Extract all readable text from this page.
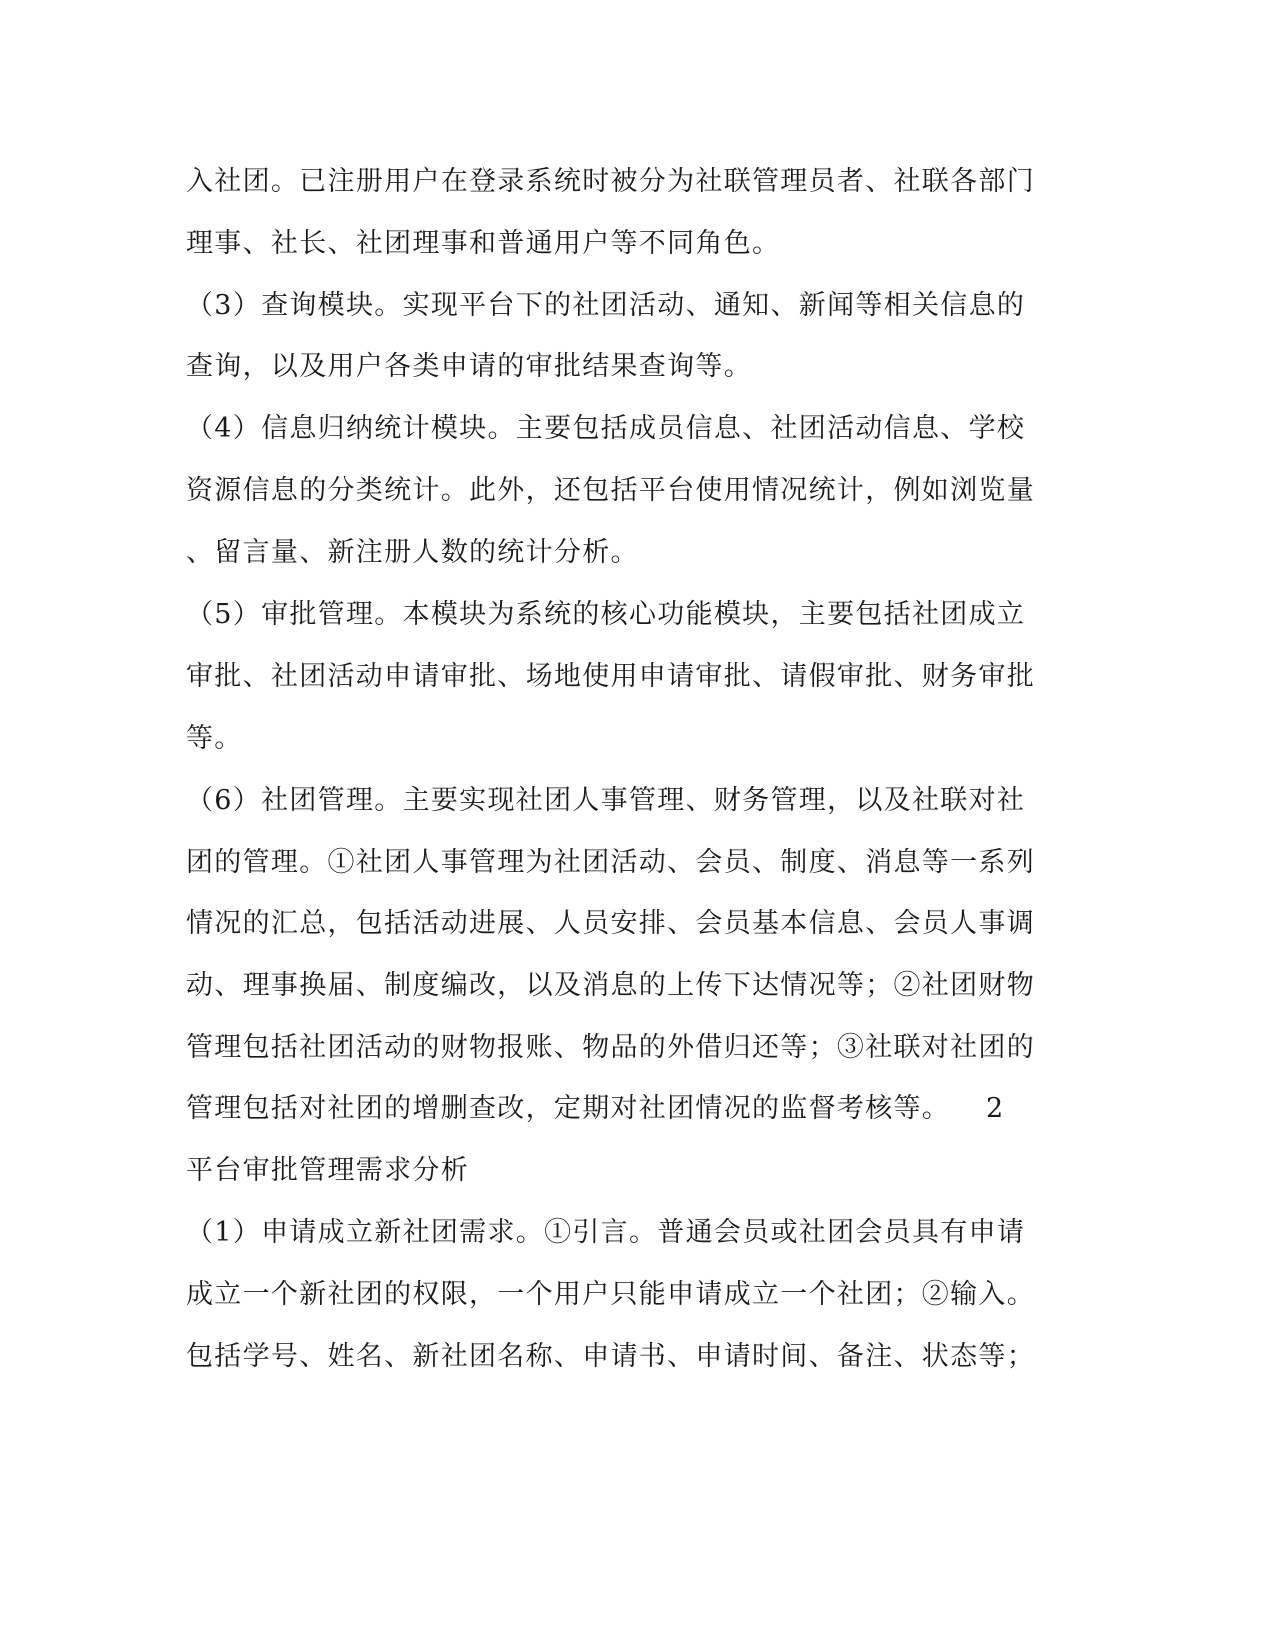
入社团。已注册用户在登录系统时被分为社联管理员者、社联各部门

理事、社长、社团理事和普通用户等不同角色。

（3）查询模块。实现平台下的社团活动、通知、新闻等相关信息的

查询，以及用户各类申请的审批结果查询等。

（4）信息归纳统计模块。主要包括成员信息、社团活动信息、学校

资源信息的分类统计。此外，还包括平台使用情况统计，例如浏览量

、留言量、新注册人数的统计分析。

（5）审批管理。本模块为系统的核心功能模块，主要包括社团成立

审批、社团活动申请审批、场地使用申请审批、请假审批、财务审批

等。

（6）社团管理。主要实现社团人事管理、财务管理，以及社联对社

团的管理。①社团人事管理为社团活动、会员、制度、消息等一系列

情况的汇总，包括活动进展、人员安排、会员基本信息、会员人事调

动、理事换届、制度编改，以及消息的上传下达情况等；②社团财物

管理包括社团活动的财物报账、物品的外借归还等；③社联对社团的

管理包括对社团的增删查改，定期对社团情况的监督考核等。 2

平台审批管理需求分析

（1）申请成立新社团需求。①引言。普通会员或社团会员具有申请

成立一个新社团的权限，一个用户只能申请成立一个社团；②输入。

包括学号、姓名、新社团名称、申请书、申请时间、备注、状态等；
